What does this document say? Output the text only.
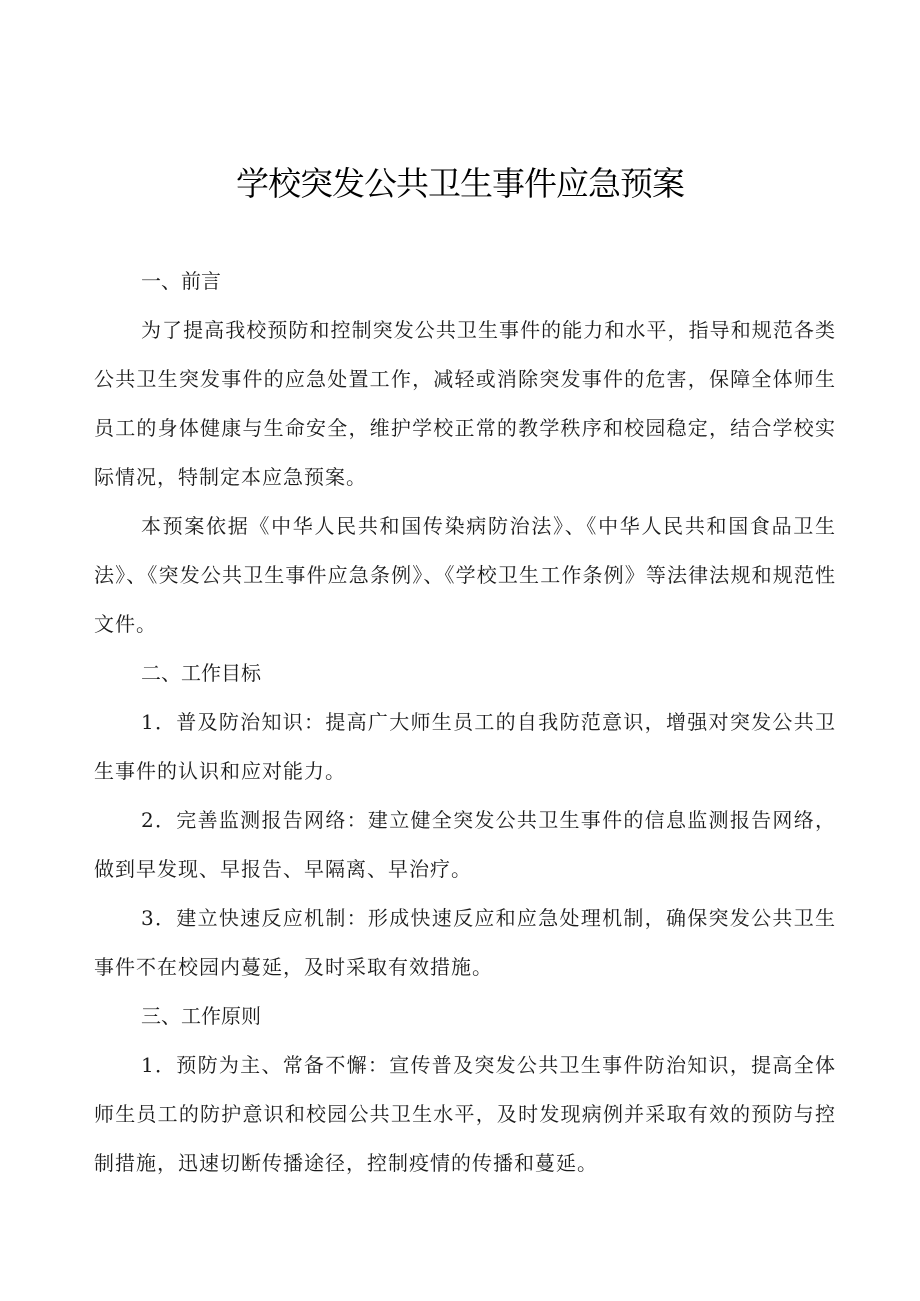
学校突发公共卫生事件应急预案
一、前言

为了提高我校预防和控制突发公共卫生事件的能力和水平，指导和规范各类公共卫生突发事件的应急处置工作，减轻或消除突发事件的危害，保障全体师生员工的身体健康与生命安全，维护学校正常的教学秩序和校园稳定，结合学校实际情况，特制定本应急预案。

本预案依据《中华人民共和国传染病防治法》、《中华人民共和国食品卫生法》、《突发公共卫生事件应急条例》、《学校卫生工作条例》等法律法规和规范性文件。

二、工作目标

1．普及防治知识：提高广大师生员工的自我防范意识，增强对突发公共卫生事件的认识和应对能力。

2．完善监测报告网络：建立健全突发公共卫生事件的信息监测报告网络，做到早发现、早报告、早隔离、早治疗。

3．建立快速反应机制：形成快速反应和应急处理机制，确保突发公共卫生事件不在校园内蔓延，及时采取有效措施。

三、工作原则

1．预防为主、常备不懈：宣传普及突发公共卫生事件防治知识，提高全体师生员工的防护意识和校园公共卫生水平，及时发现病例并采取有效的预防与控制措施，迅速切断传播途径，控制疫情的传播和蔓延。
